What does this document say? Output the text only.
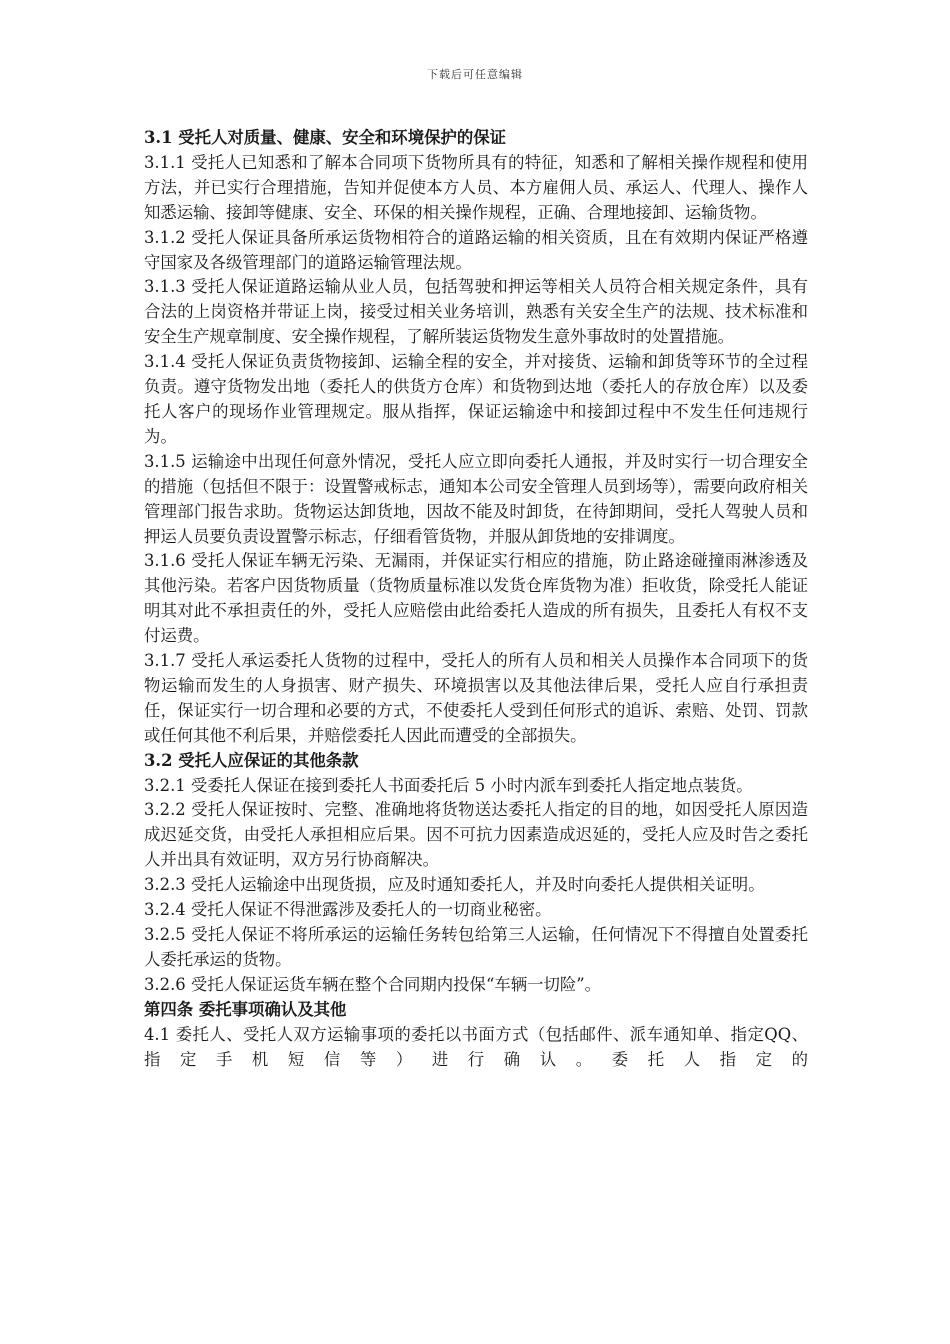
下载后可任意编辑

3.1 受托人对质量、健康、安全和环境保护的保证

3.1.1 受托人已知悉和了解本合同项下货物所具有的特征，知悉和了解相关操作规程和使用方法，并已实行合理措施，告知并促使本方人员、本方雇佣人员、承运人、代理人、操作人知悉运输、接卸等健康、安全、环保的相关操作规程，正确、合理地接卸、运输货物。

3.1.2 受托人保证具备所承运货物相符合的道路运输的相关资质，且在有效期内保证严格遵守国家及各级管理部门的道路运输管理法规。

3.1.3 受托人保证道路运输从业人员，包括驾驶和押运等相关人员符合相关规定条件，具有合法的上岗资格并带证上岗，接受过相关业务培训，熟悉有关安全生产的法规、技术标准和安全生产规章制度、安全操作规程，了解所装运货物发生意外事故时的处置措施。

3.1.4 受托人保证负责货物接卸、运输全程的安全，并对接货、运输和卸货等环节的全过程负责。遵守货物发出地（委托人的供货方仓库）和货物到达地（委托人的存放仓库）以及委托人客户的现场作业管理规定。服从指挥，保证运输途中和接卸过程中不发生任何违规行为。

3.1.5 运输途中出现任何意外情况，受托人应立即向委托人通报，并及时实行一切合理安全的措施（包括但不限于：设置警戒标志，通知本公司安全管理人员到场等），需要向政府相关管理部门报告求助。货物运达卸货地，因故不能及时卸货，在待卸期间，受托人驾驶人员和押运人员要负责设置警示标志，仔细看管货物，并服从卸货地的安排调度。

3.1.6 受托人保证车辆无污染、无漏雨，并保证实行相应的措施，防止路途碰撞雨淋渗透及其他污染。若客户因货物质量（货物质量标准以发货仓库货物为准）拒收货，除受托人能证明其对此不承担责任的外，受托人应赔偿由此给委托人造成的所有损失，且委托人有权不支付运费。

3.1.7 受托人承运委托人货物的过程中，受托人的所有人员和相关人员操作本合同项下的货物运输而发生的人身损害、财产损失、环境损害以及其他法律后果，受托人应自行承担责任，保证实行一切合理和必要的方式，不使委托人受到任何形式的追诉、索赔、处罚、罚款或任何其他不利后果，并赔偿委托人因此而遭受的全部损失。

3.2 受托人应保证的其他条款

3.2.1 受委托人保证在接到委托人书面委托后 5 小时内派车到委托人指定地点装货。

3.2.2 受托人保证按时、完整、准确地将货物送达委托人指定的目的地，如因受托人原因造成迟延交货，由受托人承担相应后果。因不可抗力因素造成迟延的，受托人应及时告之委托人并出具有效证明，双方另行协商解决。

3.2.3 受托人运输途中出现货损，应及时通知委托人，并及时向委托人提供相关证明。

3.2.4 受托人保证不得泄露涉及委托人的一切商业秘密。

3.2.5 受托人保证不将所承运的运输任务转包给第三人运输，任何情况下不得擅自处置委托人委托承运的货物。

3.2.6 受托人保证运货车辆在整个合同期内投保“车辆一切险”。

第四条 委托事项确认及其他

4.1 委托人、受托人双方运输事项的委托以书面方式（包括邮件、派车通知单、指定QQ、指定手机短信等）进行确认。委托人指定的
